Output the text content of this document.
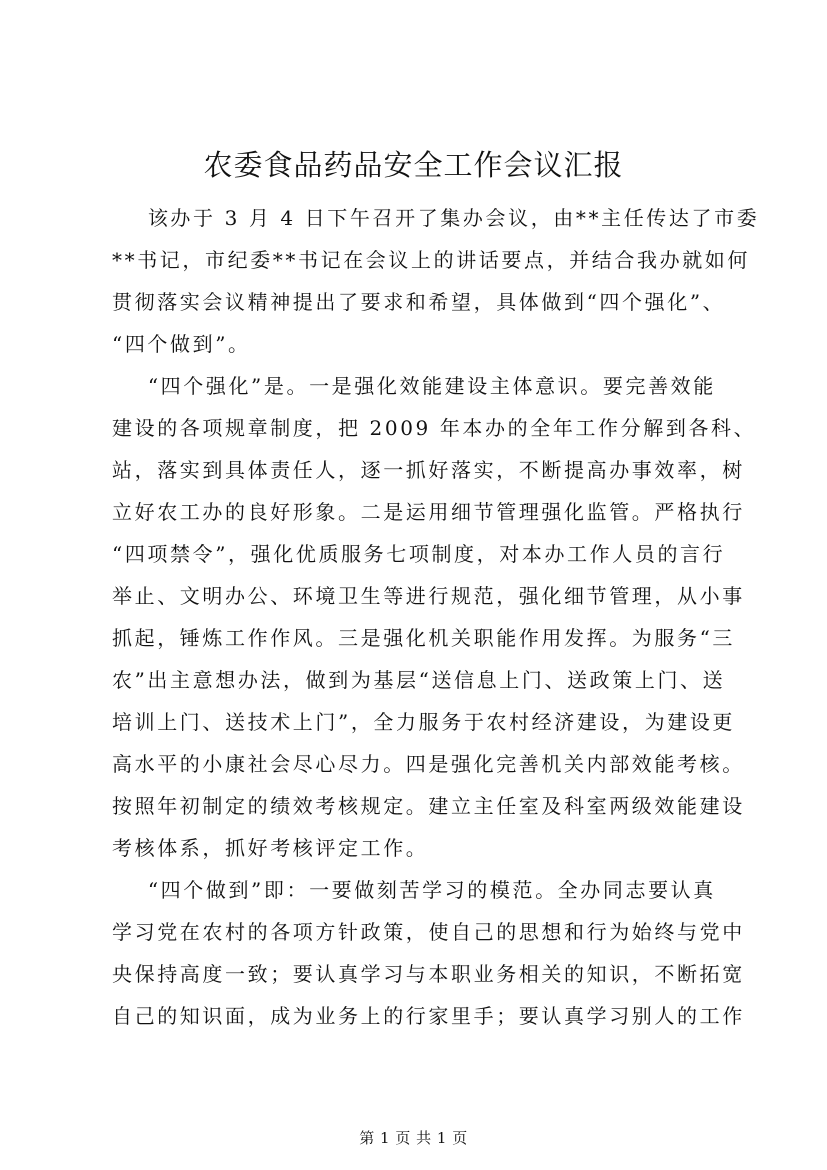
农委食品药品安全工作会议汇报
该办于 3 月 4 日下午召开了集办会议，由**主任传达了市委
**书记，市纪委**书记在会议上的讲话要点，并结合我办就如何
贯彻落实会议精神提出了要求和希望，具体做到“四个强化”、
“四个做到”。
“四个强化”是。一是强化效能建设主体意识。要完善效能
建设的各项规章制度，把 2009 年本办的全年工作分解到各科、
站，落实到具体责任人，逐一抓好落实，不断提高办事效率，树
立好农工办的良好形象。二是运用细节管理强化监管。严格执行
“四项禁令”，强化优质服务七项制度，对本办工作人员的言行
举止、文明办公、环境卫生等进行规范，强化细节管理，从小事
抓起，锤炼工作作风。三是强化机关职能作用发挥。为服务“三
农”出主意想办法，做到为基层“送信息上门、送政策上门、送
培训上门、送技术上门”，全力服务于农村经济建设，为建设更
高水平的小康社会尽心尽力。四是强化完善机关内部效能考核。
按照年初制定的绩效考核规定。建立主任室及科室两级效能建设
考核体系，抓好考核评定工作。
“四个做到”即：一要做刻苦学习的模范。全办同志要认真
学习党在农村的各项方针政策，使自己的思想和行为始终与党中
央保持高度一致；要认真学习与本职业务相关的知识，不断拓宽
自己的知识面，成为业务上的行家里手；要认真学习别人的工作
第 1 页 共 1 页
